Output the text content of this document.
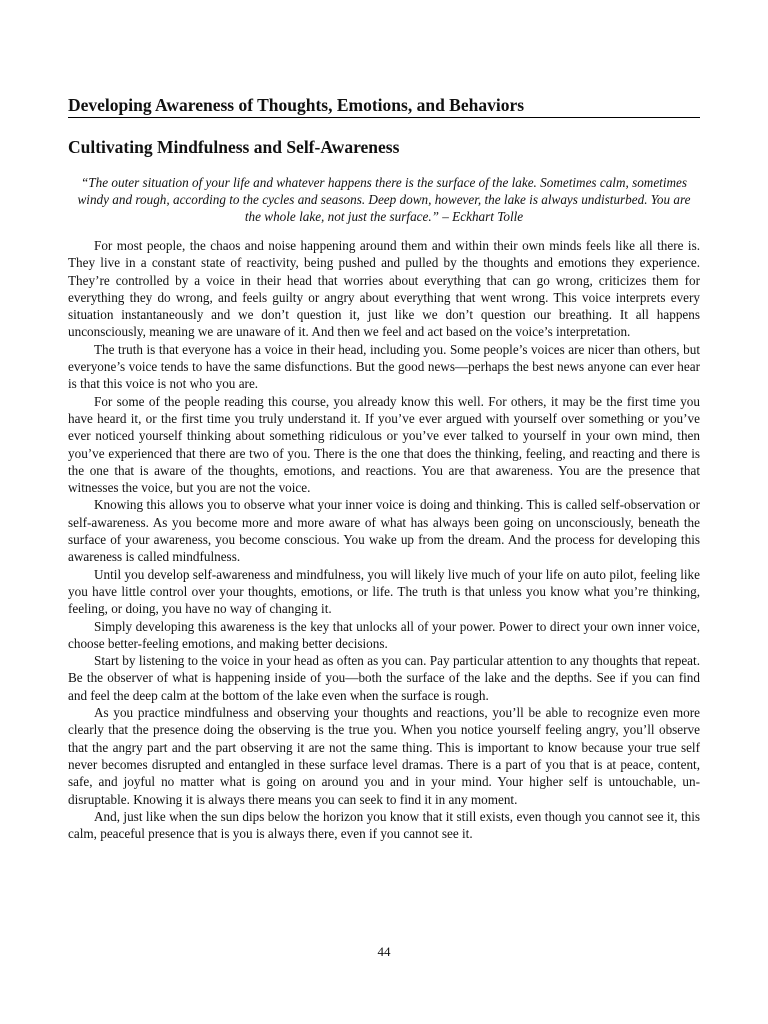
Developing Awareness of Thoughts, Emotions, and Behaviors
Cultivating Mindfulness and Self-Awareness

“The outer situation of your life and whatever happens there is the surface of the lake. Sometimes calm, sometimes windy and rough, according to the cycles and seasons. Deep down, however, the lake is always undisturbed. You are the whole lake, not just the surface.” – Eckhart Tolle

For most people, the chaos and noise happening around them and within their own minds feels like all there is. They live in a constant state of reactivity, being pushed and pulled by the thoughts and emotions they experience. They’re controlled by a voice in their head that worries about everything that can go wrong, criticizes them for everything they do wrong, and feels guilty or angry about everything that went wrong. This voice interprets every situation instantaneously and we don’t question it, just like we don’t question our breathing. It all happens unconsciously, meaning we are unaware of it. And then we feel and act based on the voice’s interpretation.

The truth is that everyone has a voice in their head, including you. Some people’s voices are nicer than others, but everyone’s voice tends to have the same disfunctions. But the good news—perhaps the best news anyone can ever hear is that this voice is not who you are.

For some of the people reading this course, you already know this well. For others, it may be the first time you have heard it, or the first time you truly understand it. If you’ve ever argued with yourself over something or you’ve ever noticed yourself thinking about something ridiculous or you’ve ever talked to yourself in your own mind, then you’ve experienced that there are two of you. There is the one that does the thinking, feeling, and reacting and there is the one that is aware of the thoughts, emotions, and reactions. You are that awareness. You are the presence that witnesses the voice, but you are not the voice.

Knowing this allows you to observe what your inner voice is doing and thinking. This is called self-observation or self-awareness. As you become more and more aware of what has always been going on unconsciously, beneath the surface of your awareness, you become conscious. You wake up from the dream. And the process for developing this awareness is called mindfulness.

Until you develop self-awareness and mindfulness, you will likely live much of your life on auto pilot, feeling like you have little control over your thoughts, emotions, or life. The truth is that unless you know what you’re thinking, feeling, or doing, you have no way of changing it.

Simply developing this awareness is the key that unlocks all of your power. Power to direct your own inner voice, choose better-feeling emotions, and making better decisions.

Start by listening to the voice in your head as often as you can. Pay particular attention to any thoughts that repeat. Be the observer of what is happening inside of you—both the surface of the lake and the depths. See if you can find and feel the deep calm at the bottom of the lake even when the surface is rough.

As you practice mindfulness and observing your thoughts and reactions, you’ll be able to recognize even more clearly that the presence doing the observing is the true you. When you notice yourself feeling angry, you’ll observe that the angry part and the part observing it are not the same thing. This is important to know because your true self never becomes disrupted and entangled in these surface level dramas. There is a part of you that is at peace, content, safe, and joyful no matter what is going on around you and in your mind. Your higher self is untouchable, un-disruptable. Knowing it is always there means you can seek to find it in any moment.

And, just like when the sun dips below the horizon you know that it still exists, even though you cannot see it, this calm, peaceful presence that is you is always there, even if you cannot see it.

44
